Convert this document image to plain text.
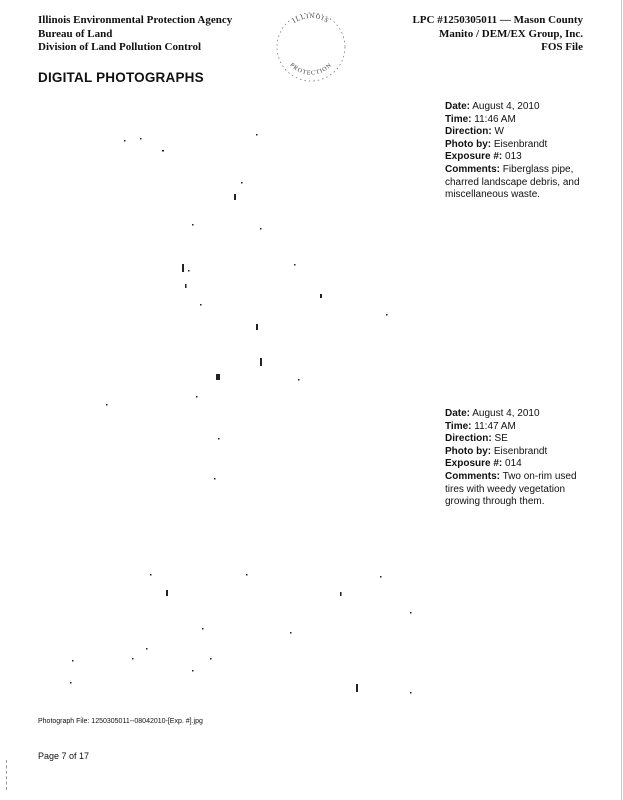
Illinois Environmental Protection Agency
Bureau of Land
Division of Land Pollution Control
ILLINOIS
PROTECTION
LPC #1250305011 — Mason County
Manito / DEM/EX Group, Inc.
FOS File
DIGITAL PHOTOGRAPHS
Date: August 4, 2010
Time: 11:46 AM
Direction: W
Photo by: Eisenbrandt
Exposure #: 013
Comments: Fiberglass pipe, charred landscape debris, and miscellaneous waste.
Date: August 4, 2010
Time: 11:47 AM
Direction: SE
Photo by: Eisenbrandt
Exposure #: 014
Comments: Two on-rim used tires with weedy vegetation growing through them.
Photograph File: 1250305011--08042010-[Exp. #].jpg
Page 7 of 17
